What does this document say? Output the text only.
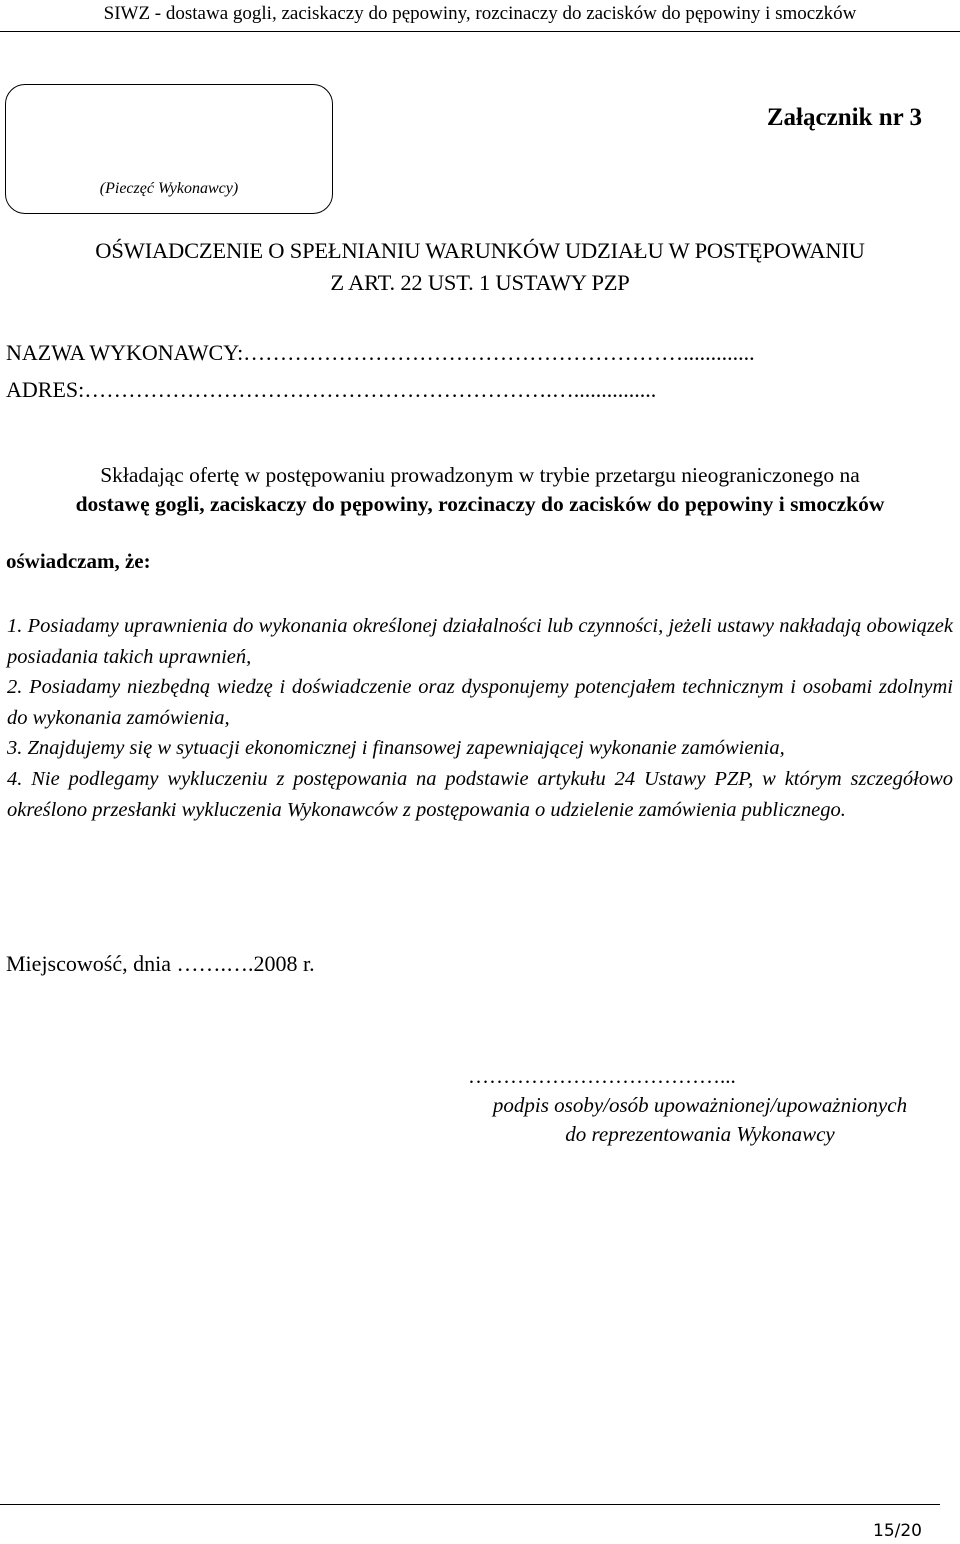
SIWZ - dostawa gogli, zaciskaczy do pępowiny, rozcinaczy do zacisków do pępowiny i smoczków
(Pieczęć Wykonawcy)
Załącznik nr 3
OŚWIADCZENIE O SPEŁNIANIU WARUNKÓW UDZIAŁU W POSTĘPOWANIU
Z ART. 22 UST. 1 USTAWY PZP
NAZWA WYKONAWCY:…………………………………………………….............
ADRES:……………………………………………………….…...............
Składając ofertę w postępowaniu prowadzonym w trybie przetargu nieograniczonego na
dostawę gogli, zaciskaczy do pępowiny, rozcinaczy do zacisków do pępowiny i smoczków
oświadczam, że:
1. Posiadamy uprawnienia do wykonania określonej działalności lub czynności, jeżeli ustawy nakładają obowiązek posiadania takich uprawnień,
2. Posiadamy niezbędną wiedzę i doświadczenie oraz dysponujemy potencjałem technicznym i osobami zdolnymi do wykonania zamówienia,
3. Znajdujemy się w sytuacji ekonomicznej i finansowej zapewniającej wykonanie zamówienia,
4. Nie podlegamy wykluczeniu z postępowania na podstawie artykułu 24 Ustawy PZP, w którym szczegółowo określono przesłanki wykluczenia Wykonawców z postępowania o udzielenie zamówienia publicznego.
Miejscowość, dnia …….….2008 r.
………………………………...
podpis osoby/osób upoważnionej/upoważnionych
do reprezentowania Wykonawcy
15/20
